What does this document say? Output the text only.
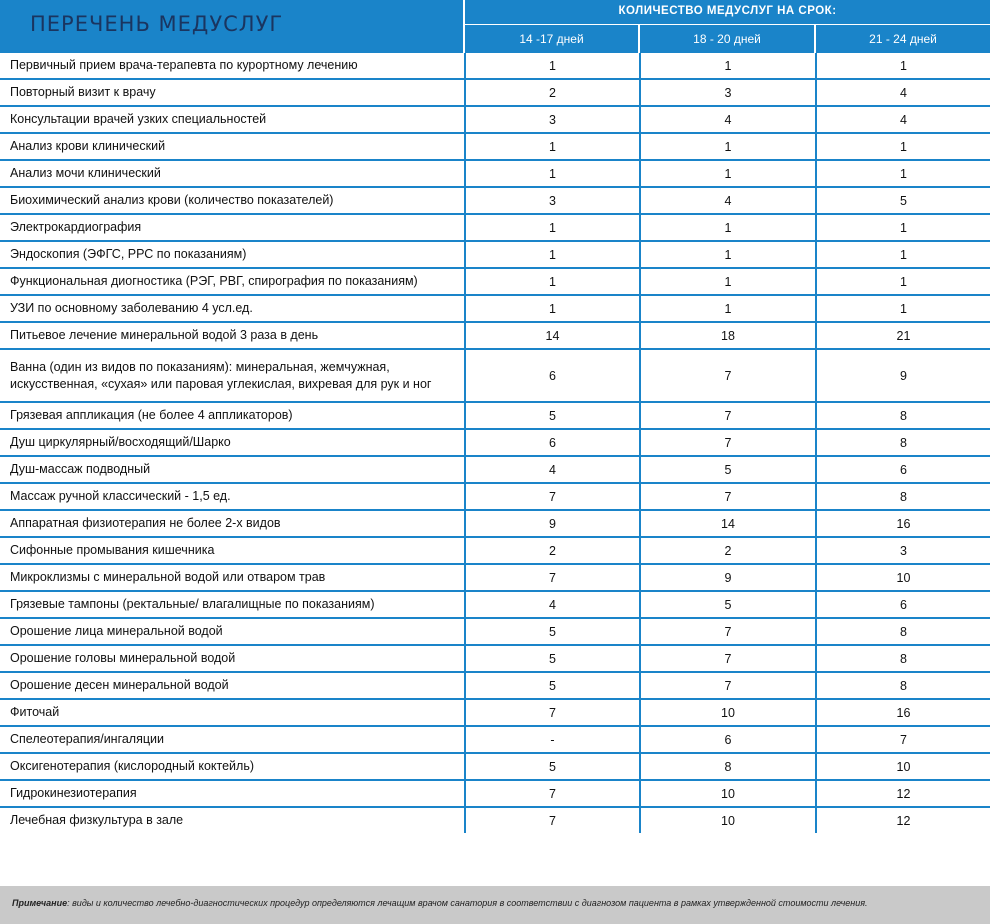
ПЕРЕЧЕНЬ МЕДУСЛУГ
КОЛИЧЕСТВО МЕДУСЛУГ НА СРОК:
14 -17 дней	18 - 20 дней	21 - 24 дней
Первичный прием врача-терапевта по курортному лечению	1	1	1
Повторный визит к врачу	2	3	4
Консультации врачей узких специальностей	3	4	4
Анализ крови клинический	1	1	1
Анализ мочи клинический	1	1	1
Биохимический анализ крови (количество показателей)	3	4	5
Электрокардиография	1	1	1
Эндоскопия (ЭФГС, РРС по показаниям)	1	1	1
Функциональная диогностика (РЭГ, РВГ, спирография по показаниям)	1	1	1
УЗИ по основному заболеванию 4 усл.ед.	1	1	1
Питьевое лечение минеральной водой 3 раза в день	14	18	21
Ванна (один из видов по показаниям): минеральная, жемчужная,
искусственная, «сухая» или паровая углекислая, вихревая для рук и ног	6	7	9
Грязевая аппликация (не более 4 аппликаторов)	5	7	8
Душ циркулярный/восходящий/Шарко	6	7	8
Душ-массаж подводный	4	5	6
Массаж ручной классический - 1,5 ед.	7	7	8
Аппаратная физиотерапия не более 2-х видов	9	14	16
Сифонные промывания кишечника	2	2	3
Микроклизмы с минеральной водой или отваром трав	7	9	10
Грязевые тампоны (ректальные/ влагалищные по показаниям)	4	5	6
Орошение лица минеральной водой	5	7	8
Орошение головы минеральной водой	5	7	8
Орошение десен минеральной водой	5	7	8
Фиточай	7	10	16
Спелеотерапия/ингаляции	-	6	7
Оксигенотерапия (кислородный коктейль)	5	8	10
Гидрокинезиотерапия	7	10	12
Лечебная физкультура в зале	7	10	12
Примечание: виды и количество лечебно-диагностических процедур определяются лечащим врачом санатория в соответствии с диагнозом пациента в рамках утвержденной стоимости лечения.
